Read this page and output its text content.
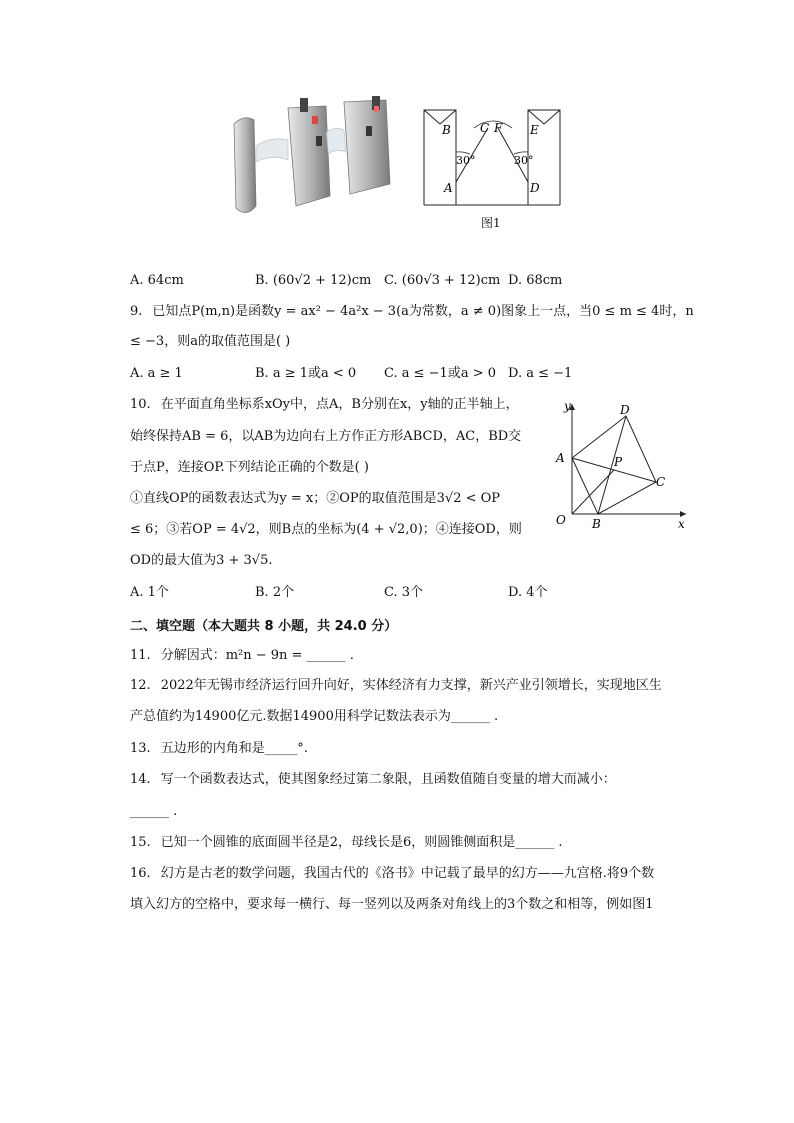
B C F E
A	D
30°	30°
图1
A. 64cm	B. (60√2 + 12)cm C. (60√3 + 12)cm D. 68cm
9. 已知点P(m,n)是函数y = ax² − 4a²x − 3(a为常数，a ≠ 0)图象上一点，当0 ≤ m ≤ 4时，n
≤ −3，则a的取值范围是( )
A. a ≥ 1	B. a ≥ 1或a < 0 C. a ≤ −1或a > 0 D. a ≤ −1
10. 在平面直角坐标系xOy中，点A，B分别在x，y轴的正半轴上，
始终保持AB = 6，以AB为边向右上方作正方形ABCD，AC，BD交
于点P，连接OP.下列结论正确的个数是( )
①直线OP的函数表达式为y = x；②OP的取值范围是3√2 < OP
≤ 6；③若OP = 4√2，则B点的坐标为(4 + √2,0)；④连接OD，则
OD的最大值为3 + 3√5.
A. 1个	B. 2个	C. 3个	D. 4个
y
x
O
A
B
C
D
P
二、填空题（本大题共 8 小题，共 24.0 分）
11. 分解因式：m²n − 9n = ______ .
12. 2022年无锡市经济运行回升向好，实体经济有力支撑，新兴产业引领增长，实现地区生
产总值约为14900亿元.数据14900用科学记数法表示为______ .
13. 五边形的内角和是_____°.
14. 写一个函数表达式，使其图象经过第二象限，且函数值随自变量的增大而减小：
______ .
15. 已知一个圆锥的底面圆半径是2，母线长是6，则圆锥侧面积是______ .
16. 幻方是古老的数学问题，我国古代的《洛书》中记载了最早的幻方——九宫格.将9个数
填入幻方的空格中，要求每一横行、每一竖列以及两条对角线上的3个数之和相等，例如图1
